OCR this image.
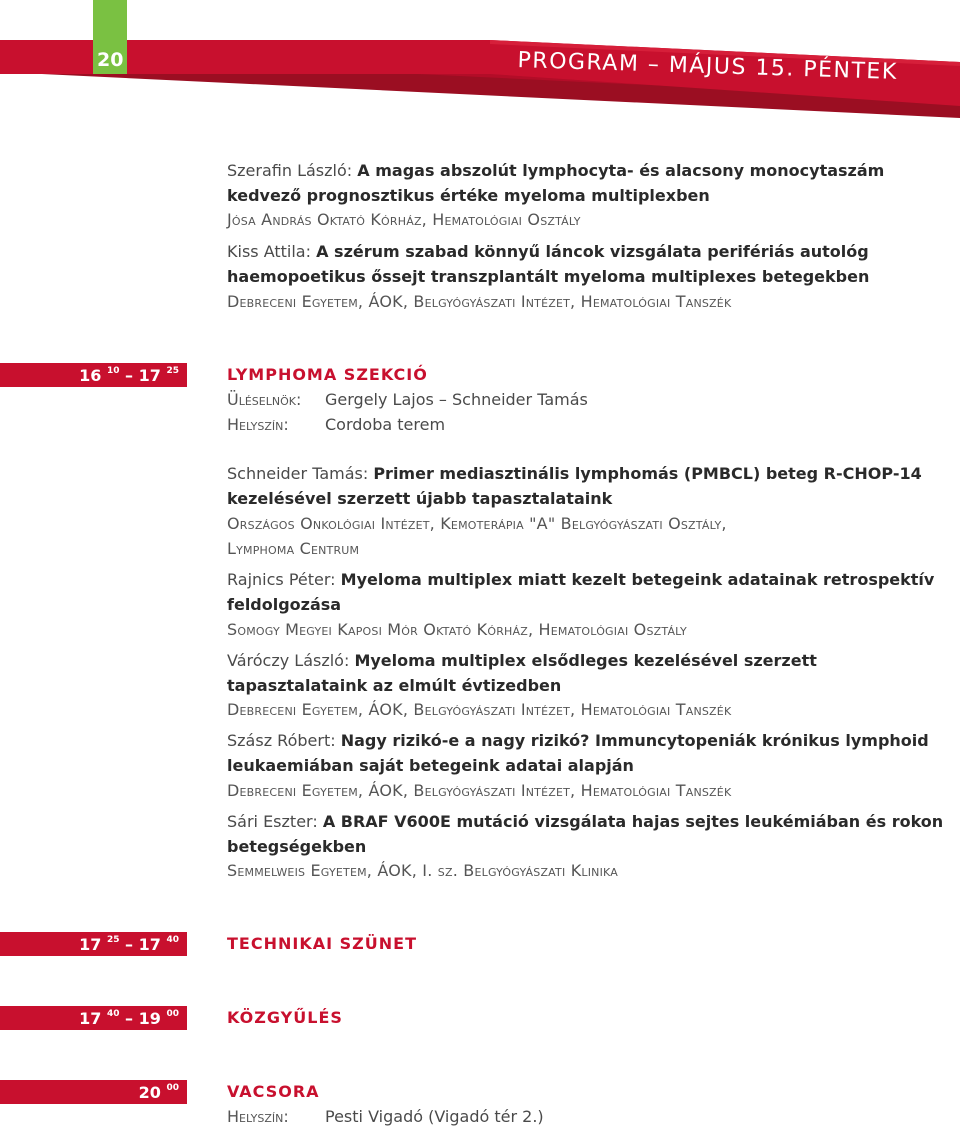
20	PROGRAM – MÁJUS 15. PÉNTEK
16 $^{10}$ – 17 $^{25}$
17 $^{25}$ – 17 $^{40}$
17 $^{40}$ – 19 $^{00}$
20 $^{00}$
Szerafin László: A magas abszolút lymphocyta- és alacsony monocytaszám
kedvező prognosztikus értéke myeloma multiplexben
Jósa András Oktató Kórház, Hematológiai Osztály
Kiss Attila: A szérum szabad könnyű láncok vizsgálata perifériás autológ
haemopoetikus őssejt transzplantált myeloma multiplexes betegekben
Debreceni Egyetem, ÁOK, Belgyógyászati Intézet, Hematológiai Tanszék
LYMPHOMA SZEKCIÓ
Üléselnök: Gergely Lajos – Schneider Tamás
Helyszín: Cordoba terem
Schneider Tamás: Primer mediasztinális lymphomás (PMBCL) beteg R-CHOP-14
kezelésével szerzett újabb tapasztalataink
Országos Onkológiai Intézet, Kemoterápia "A" Belgyógyászati Osztály,
Lymphoma Centrum
Rajnics Péter: Myeloma multiplex miatt kezelt betegeink adatainak retrospektív
feldolgozása
Somogy Megyei Kaposi Mór Oktató Kórház, Hematológiai Osztály
Váróczy László: Myeloma multiplex elsődleges kezelésével szerzett
tapasztalataink az elmúlt évtizedben
Debreceni Egyetem, ÁOK, Belgyógyászati Intézet, Hematológiai Tanszék
Szász Róbert: Nagy rizikó-e a nagy rizikó? Immuncytopeniák krónikus lymphoid
leukaemiában saját betegeink adatai alapján
Debreceni Egyetem, ÁOK, Belgyógyászati Intézet, Hematológiai Tanszék
Sári Eszter: A BRAF V600E mutáció vizsgálata hajas sejtes leukémiában és rokon
betegségekben
Semmelweis Egyetem, ÁOK, I. sz. Belgyógyászati Klinika
TECHNIKAI SZÜNET
KÖZGYŰLÉS
VACSORA
Helyszín: Pesti Vigadó (Vigadó tér 2.)
